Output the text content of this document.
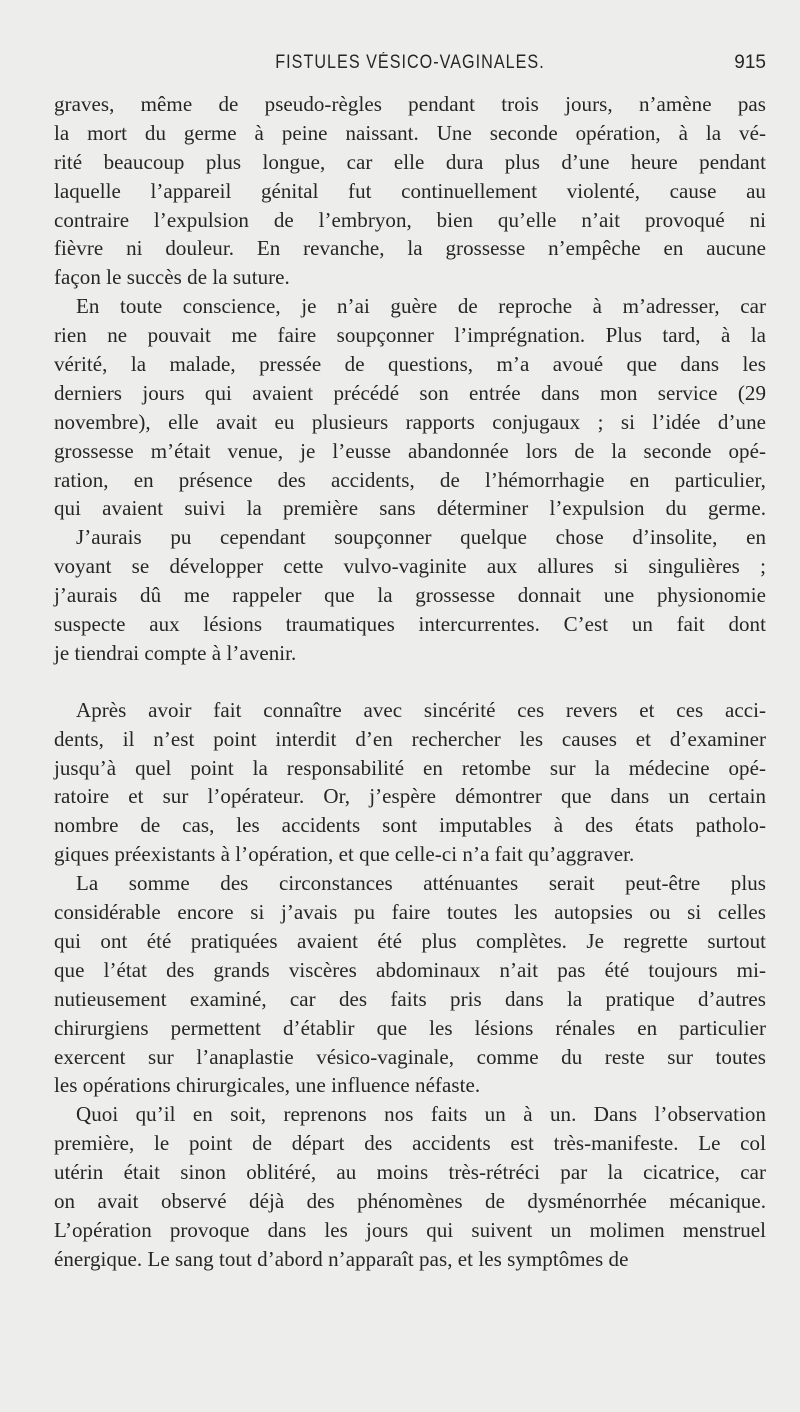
FISTULES VÉSICO-VAGINALES.	915
graves, même de pseudo-règles pendant trois jours, n’amène pas
la mort du germe à peine naissant. Une seconde opération, à la vé-
rité beaucoup plus longue, car elle dura plus d’une heure pendant
laquelle l’appareil génital fut continuellement violenté, cause au
contraire l’expulsion de l’embryon, bien qu’elle n’ait provoqué ni
fièvre ni douleur. En revanche, la grossesse n’empêche en aucune
façon le succès de la suture.
En toute conscience, je n’ai guère de reproche à m’adresser, car
rien ne pouvait me faire soupçonner l’imprégnation. Plus tard, à la
vérité, la malade, pressée de questions, m’a avoué que dans les
derniers jours qui avaient précédé son entrée dans mon service (29
novembre), elle avait eu plusieurs rapports conjugaux ; si l’idée d’une
grossesse m’était venue, je l’eusse abandonnée lors de la seconde opé-
ration, en présence des accidents, de l’hémorrhagie en particulier,
qui avaient suivi la première sans déterminer l’expulsion du germe.
J’aurais pu cependant soupçonner quelque chose d’insolite, en
voyant se développer cette vulvo-vaginite aux allures si singulières ;
j’aurais dû me rappeler que la grossesse donnait une physionomie
suspecte aux lésions traumatiques intercurrentes. C’est un fait dont
je tiendrai compte à l’avenir.
Après avoir fait connaître avec sincérité ces revers et ces acci-
dents, il n’est point interdit d’en rechercher les causes et d’examiner
jusqu’à quel point la responsabilité en retombe sur la médecine opé-
ratoire et sur l’opérateur. Or, j’espère démontrer que dans un certain
nombre de cas, les accidents sont imputables à des états patholo-
giques préexistants à l’opération, et que celle-ci n’a fait qu’aggraver.
La somme des circonstances atténuantes serait peut-être plus
considérable encore si j’avais pu faire toutes les autopsies ou si celles
qui ont été pratiquées avaient été plus complètes. Je regrette surtout
que l’état des grands viscères abdominaux n’ait pas été toujours mi-
nutieusement examiné, car des faits pris dans la pratique d’autres
chirurgiens permettent d’établir que les lésions rénales en particulier
exercent sur l’anaplastie vésico-vaginale, comme du reste sur toutes
les opérations chirurgicales, une influence néfaste.
Quoi qu’il en soit, reprenons nos faits un à un. Dans l’observation
première, le point de départ des accidents est très-manifeste. Le col
utérin était sinon oblitéré, au moins très-rétréci par la cicatrice, car
on avait observé déjà des phénomènes de dysménorrhée mécanique.
L’opération provoque dans les jours qui suivent un molimen menstruel
énergique. Le sang tout d’abord n’apparaît pas, et les symptômes de
